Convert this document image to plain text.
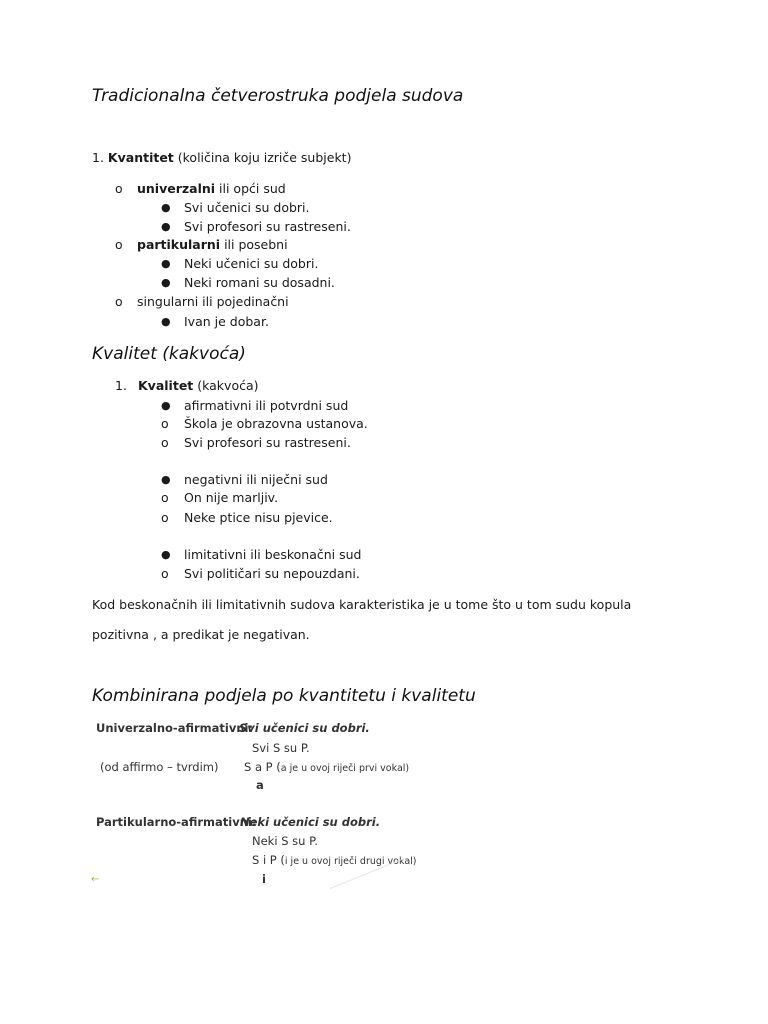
Tradicionalna četverostruka podjela sudova
1. Kvantitet (količina koju izriče subjekt)
o univerzalni ili opći sud
● Svi učenici su dobri.
● Svi profesori su rastreseni.
o partikularni ili posebni
● Neki učenici su dobri.
● Neki romani su dosadni.
o singularni ili pojedinačni
● Ivan je dobar.
Kvalitet (kakvoća)
1. Kvalitet (kakvoća)
● afirmativni ili potvrdni sud
o Škola je obrazovna ustanova.
o Svi profesori su rastreseni.
● negativni ili niječni sud
o On nije marljiv.
o Neke ptice nisu pjevice.
● limitativni ili beskonačni sud
o Svi političari su nepouzdani.
Kod beskonačnih ili limitativnih sudova karakteristika je u tome što u tom sudu kopula
pozitivna , a predikat je negativan.
Kombinirana podjela po kvantitetu i kvalitetu
Univerzalno-afirmativni:
Svi učenici su dobri.
Svi S su P.
(od affirmo – tvrdim) S a P (a je u ovoj riječi prvi vokal)
a
Partikularno-afirmativni:
Neki učenici su dobri.
Neki S su P.
S i P (i je u ovoj riječi drugi vokal)
i
←
